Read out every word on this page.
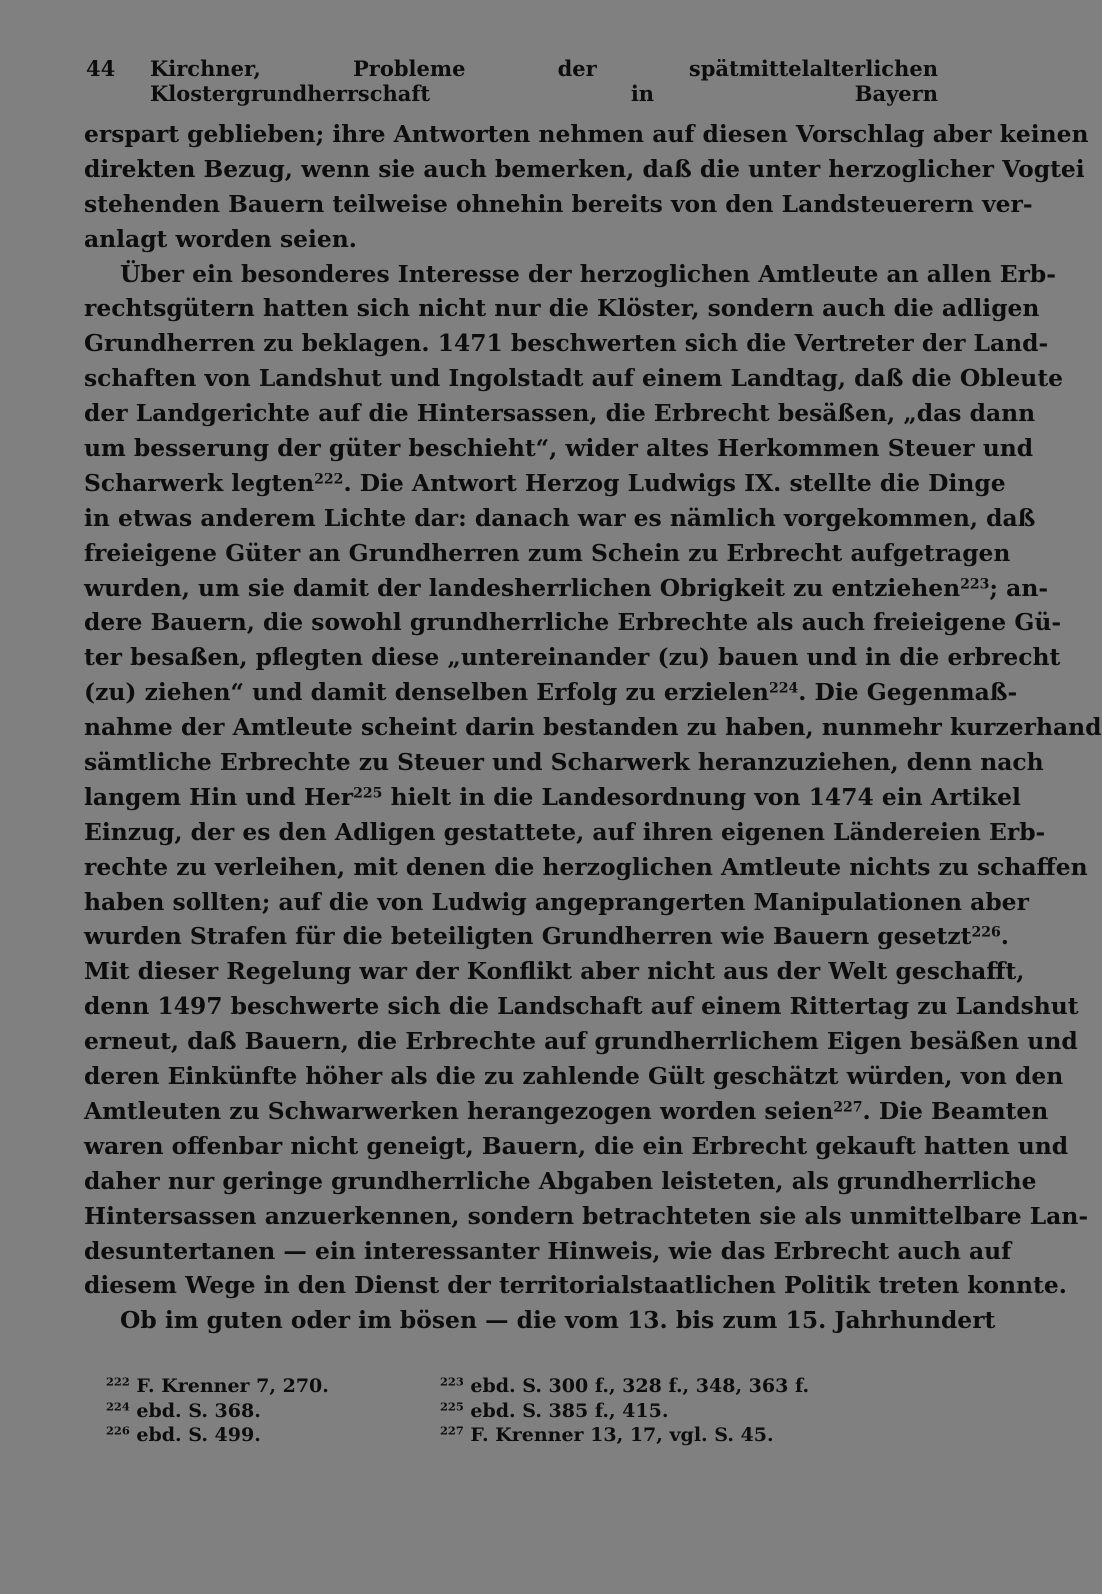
44 Kirchner, Probleme der spätmittelalterlichen Klostergrundherrschaft in Bayern
erspart geblieben; ihre Antworten nehmen auf diesen Vorschlag aber keinen
direkten Bezug, wenn sie auch bemerken, daß die unter herzoglicher Vogtei
stehenden Bauern teilweise ohnehin bereits von den Landsteuerern ver-
anlagt worden seien.
Über ein besonderes Interesse der herzoglichen Amtleute an allen Erb-
rechtsgütern hatten sich nicht nur die Klöster, sondern auch die adligen
Grundherren zu beklagen. 1471 beschwerten sich die Vertreter der Land-
schaften von Landshut und Ingolstadt auf einem Landtag, daß die Obleute
der Landgerichte auf die Hintersassen, die Erbrecht besäßen, „das dann
um besserung der güter beschieht“, wider altes Herkommen Steuer und
Scharwerk legten$^{222}$. Die Antwort Herzog Ludwigs IX. stellte die Dinge
in etwas anderem Lichte dar: danach war es nämlich vorgekommen, daß
freieigene Güter an Grundherren zum Schein zu Erbrecht aufgetragen
wurden, um sie damit der landesherrlichen Obrigkeit zu entziehen$^{223}$; an-
dere Bauern, die sowohl grundherrliche Erbrechte als auch freieigene Gü-
ter besaßen, pflegten diese „untereinander (zu) bauen und in die erbrecht
(zu) ziehen“ und damit denselben Erfolg zu erzielen$^{224}$. Die Gegenmaß-
nahme der Amtleute scheint darin bestanden zu haben, nunmehr kurzerhand
sämtliche Erbrechte zu Steuer und Scharwerk heranzuziehen, denn nach
langem Hin und Her$^{225}$ hielt in die Landesordnung von 1474 ein Artikel
Einzug, der es den Adligen gestattete, auf ihren eigenen Ländereien Erb-
rechte zu verleihen, mit denen die herzoglichen Amtleute nichts zu schaffen
haben sollten; auf die von Ludwig angeprangerten Manipulationen aber
wurden Strafen für die beteiligten Grundherren wie Bauern gesetzt$^{226}$.
Mit dieser Regelung war der Konflikt aber nicht aus der Welt geschafft,
denn 1497 beschwerte sich die Landschaft auf einem Rittertag zu Landshut
erneut, daß Bauern, die Erbrechte auf grundherrlichem Eigen besäßen und
deren Einkünfte höher als die zu zahlende Gült geschätzt würden, von den
Amtleuten zu Schwarwerken herangezogen worden seien$^{227}$. Die Beamten
waren offenbar nicht geneigt, Bauern, die ein Erbrecht gekauft hatten und
daher nur geringe grundherrliche Abgaben leisteten, als grundherrliche
Hintersassen anzuerkennen, sondern betrachteten sie als unmittelbare Lan-
desuntertanen — ein interessanter Hinweis, wie das Erbrecht auch auf
diesem Wege in den Dienst der territorialstaatlichen Politik treten konnte.
Ob im guten oder im bösen — die vom 13. bis zum 15. Jahrhundert
$^{222}$ F. Krenner 7, 270.	$^{223}$ ebd. S. 300 f., 328 f., 348, 363 f.
$^{224}$ ebd. S. 368.	$^{225}$ ebd. S. 385 f., 415.
$^{226}$ ebd. S. 499.	$^{227}$ F. Krenner 13, 17, vgl. S. 45.
